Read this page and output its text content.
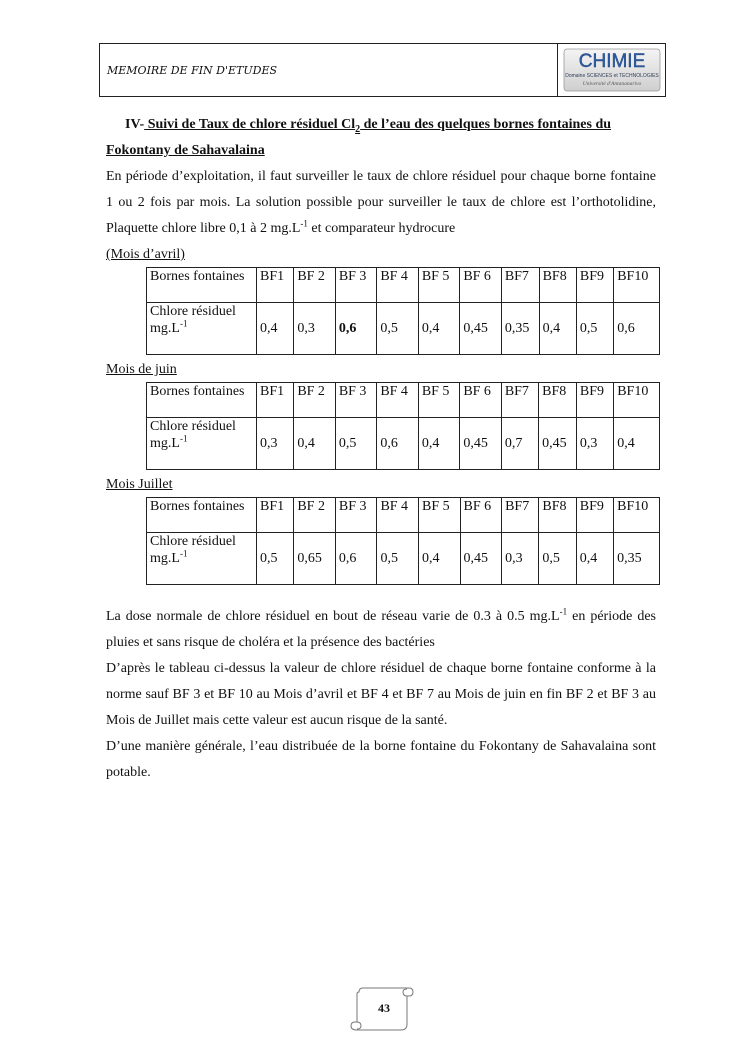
MEMOIRE DE FIN D'ETUDES	CHIMIE
Domaine SCIENCES et TECHNOLOGIES
Université d'Antananarivo
IV- Suivi de Taux de chlore résiduel $Cl_2$ de l’eau des quelques bornes fontaines du
Fokontany de Sahavalaina

En période d’exploitation, il faut surveiller le taux de chlore résiduel pour chaque borne fontaine 1 ou 2 fois par mois. La solution possible pour surveiller le taux de chlore est l’orthotolidine, Plaquette chlore libre 0,1 à 2 $mg.L^{-1}$ et comparateur hydrocure

(Mois d’avril)
Bornes fontaines	BF1	BF 2	BF 3	BF 4	BF 5	BF 6	BF7	BF8	BF9	BF10
Chlore résiduel $mg.L^{-1}$	0,4	0,3	0,6	0,5	0,4	0,45	0,35	0,4	0,5	0,6
Mois de juin
Bornes fontaines	BF1	BF 2	BF 3	BF 4	BF 5	BF 6	BF7	BF8	BF9	BF10
Chlore résiduel $mg.L^{-1}$	0,3	0,4	0,5	0,6	0,4	0,45	0,7	0,45	0,3	0,4
Mois Juillet
Bornes fontaines	BF1	BF 2	BF 3	BF 4	BF 5	BF 6	BF7	BF8	BF9	BF10
Chlore résiduel $mg.L^{-1}$	0,5	0,65	0,6	0,5	0,4	0,45	0,3	0,5	0,4	0,35

La dose normale de chlore résiduel en bout de réseau varie de 0.3 à 0.5 $mg.L^{-1}$ en période des pluies et sans risque de choléra et la présence des bactéries

D’après le tableau ci-dessus la valeur de chlore résiduel de chaque borne fontaine conforme à la norme sauf BF 3 et BF 10 au Mois d’avril et BF 4 et BF 7 au Mois de juin en fin BF 2 et BF 3 au Mois de Juillet mais cette valeur est aucun risque de la santé.

D’une manière générale, l’eau distribuée de la borne fontaine du Fokontany de Sahavalaina sont potable.

43
